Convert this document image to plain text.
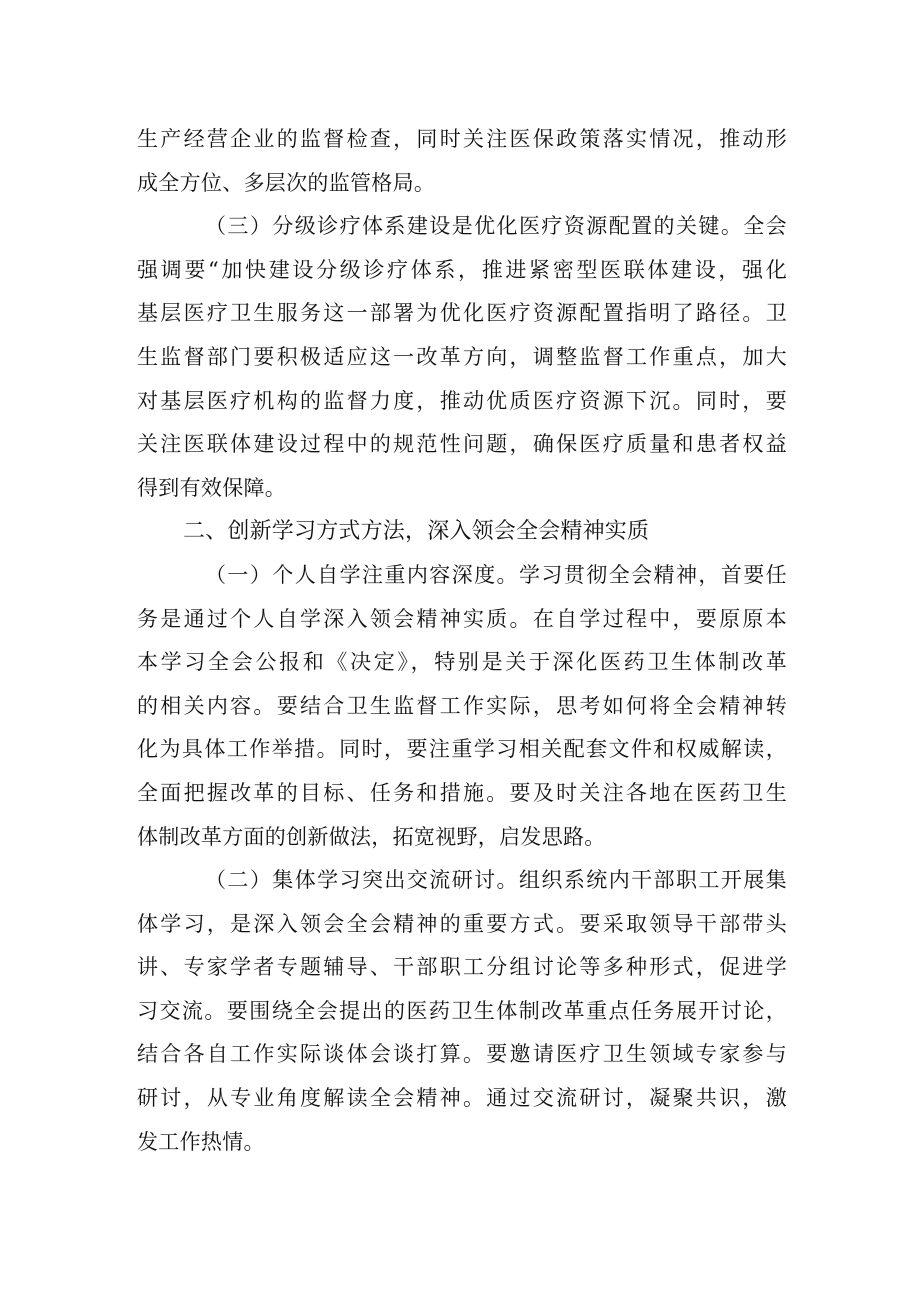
生产经营企业的监督检查，同时关注医保政策落实情况，推动形
成全方位、多层次的监管格局。
（三）分级诊疗体系建设是优化医疗资源配置的关键。全会
强调要“加快建设分级诊疗体系，推进紧密型医联体建设，强化
基层医疗卫生服务这一部署为优化医疗资源配置指明了路径。卫
生监督部门要积极适应这一改革方向，调整监督工作重点，加大
对基层医疗机构的监督力度，推动优质医疗资源下沉。同时，要
关注医联体建设过程中的规范性问题，确保医疗质量和患者权益
得到有效保障。
二、创新学习方式方法，深入领会全会精神实质
（一）个人自学注重内容深度。学习贯彻全会精神，首要任
务是通过个人自学深入领会精神实质。在自学过程中，要原原本
本学习全会公报和《决定》，特别是关于深化医药卫生体制改革
的相关内容。要结合卫生监督工作实际，思考如何将全会精神转
化为具体工作举措。同时，要注重学习相关配套文件和权威解读，
全面把握改革的目标、任务和措施。要及时关注各地在医药卫生
体制改革方面的创新做法，拓宽视野，启发思路。
（二）集体学习突出交流研讨。组织系统内干部职工开展集
体学习，是深入领会全会精神的重要方式。要采取领导干部带头
讲、专家学者专题辅导、干部职工分组讨论等多种形式，促进学
习交流。要围绕全会提出的医药卫生体制改革重点任务展开讨论，
结合各自工作实际谈体会谈打算。要邀请医疗卫生领域专家参与
研讨，从专业角度解读全会精神。通过交流研讨，凝聚共识，激
发工作热情。
